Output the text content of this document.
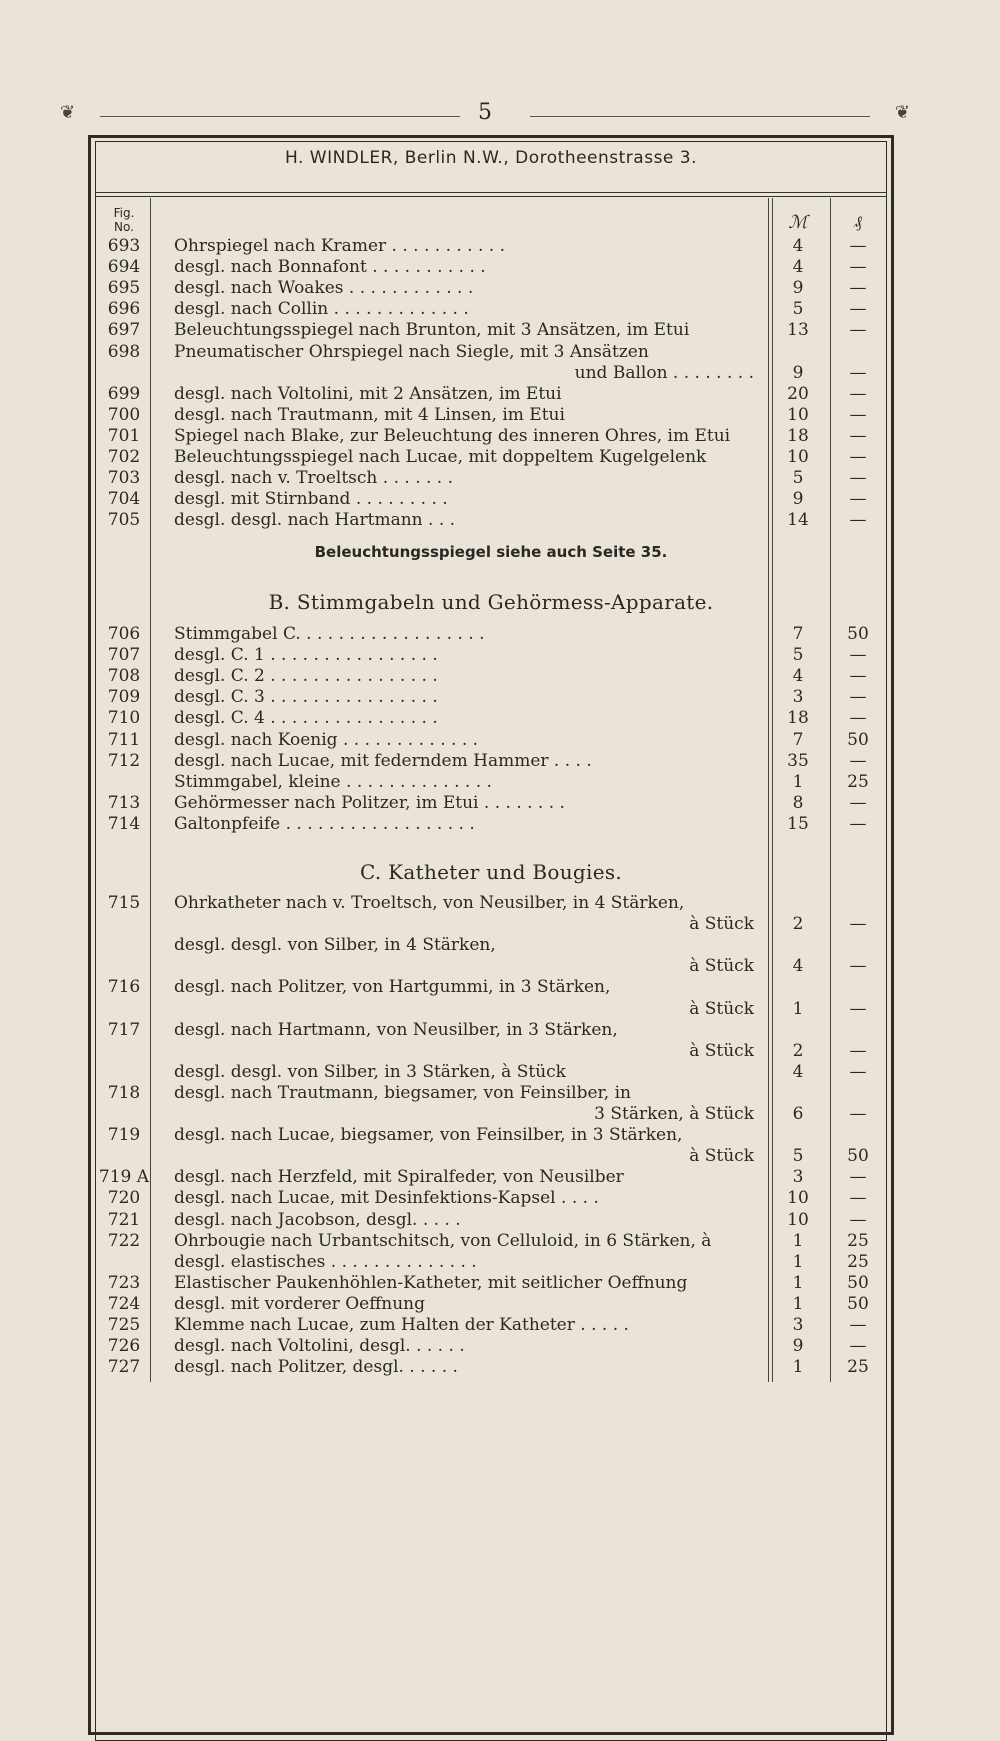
❦	5	❦
H. WINDLER, Berlin N.W., Dorotheenstrasse 3.
Fig.
No.	ℳ	₰
693	Ohrspiegel nach Kramer . . . . . . . . . . .	4	—
694	desgl. nach Bonnafont . . . . . . . . . . .	4	—
695	desgl. nach Woakes . . . . . . . . . . . .	9	—
696	desgl. nach Collin . . . . . . . . . . . . .	5	—
697	Beleuchtungsspiegel nach Brunton, mit 3 Ansätzen, im Etui	13	—
698	Pneumatischer Ohrspiegel nach Siegle, mit 3 Ansätzen
und Ballon . . . . . . . .	9	—
699	desgl. nach Voltolini, mit 2 Ansätzen, im Etui	20	—
700	desgl. nach Trautmann, mit 4 Linsen, im Etui	10	—
701	Spiegel nach Blake, zur Beleuchtung des inneren Ohres, im Etui	18	—
702	Beleuchtungsspiegel nach Lucae, mit doppeltem Kugelgelenk	10	—
703	desgl. nach v. Troeltsch . . . . . . .	5	—
704	desgl. mit Stirnband . . . . . . . . .	9	—
705	desgl. desgl. nach Hartmann . . .	14	—
Beleuchtungsspiegel siehe auch Seite 35.
B. Stimmgabeln und Gehörmess-Apparate.
706	Stimmgabel C. . . . . . . . . . . . . . . . . .	7	50
707	desgl. C. 1 . . . . . . . . . . . . . . . .	5	—
708	desgl. C. 2 . . . . . . . . . . . . . . . .	4	—
709	desgl. C. 3 . . . . . . . . . . . . . . . .	3	—
710	desgl. C. 4 . . . . . . . . . . . . . . . .	18	—
711	desgl. nach Koenig . . . . . . . . . . . . .	7	50
712	desgl. nach Lucae, mit federndem Hammer . . . .	35	—
Stimmgabel, kleine . . . . . . . . . . . . . .	1	25
713	Gehörmesser nach Politzer, im Etui . . . . . . . .	8	—
714	Galtonpfeife . . . . . . . . . . . . . . . . . .	15	—
C. Katheter und Bougies.
715	Ohrkatheter nach v. Troeltsch, von Neusilber, in 4 Stärken,
à Stück	2	—
desgl. desgl. von Silber, in 4 Stärken,
à Stück	4	—
716	desgl. nach Politzer, von Hartgummi, in 3 Stärken,
à Stück	1	—
717	desgl. nach Hartmann, von Neusilber, in 3 Stärken,
à Stück	2	—
desgl. desgl. von Silber, in 3 Stärken, à Stück	4	—
718	desgl. nach Trautmann, biegsamer, von Feinsilber, in
3 Stärken, à Stück	6	—
719	desgl. nach Lucae, biegsamer, von Feinsilber, in 3 Stärken,
à Stück	5	50
719 A desgl. nach Herzfeld, mit Spiralfeder, von Neusilber	3	—
720	desgl. nach Lucae, mit Desinfektions-Kapsel . . . .	10	—
721	desgl. nach Jacobson, desgl. . . . .	10	—
722	Ohrbougie nach Urbantschitsch, von Celluloid, in 6 Stärken, à	1	25
desgl. elastisches . . . . . . . . . . . . . .	1	25
723	Elastischer Paukenhöhlen-Katheter, mit seitlicher Oeffnung	1	50
724	desgl. mit vorderer Oeffnung	1	50
725	Klemme nach Lucae, zum Halten der Katheter . . . . .	3	—
726	desgl. nach Voltolini, desgl. . . . . .	9	—
727	desgl. nach Politzer, desgl. . . . . .	1	25
